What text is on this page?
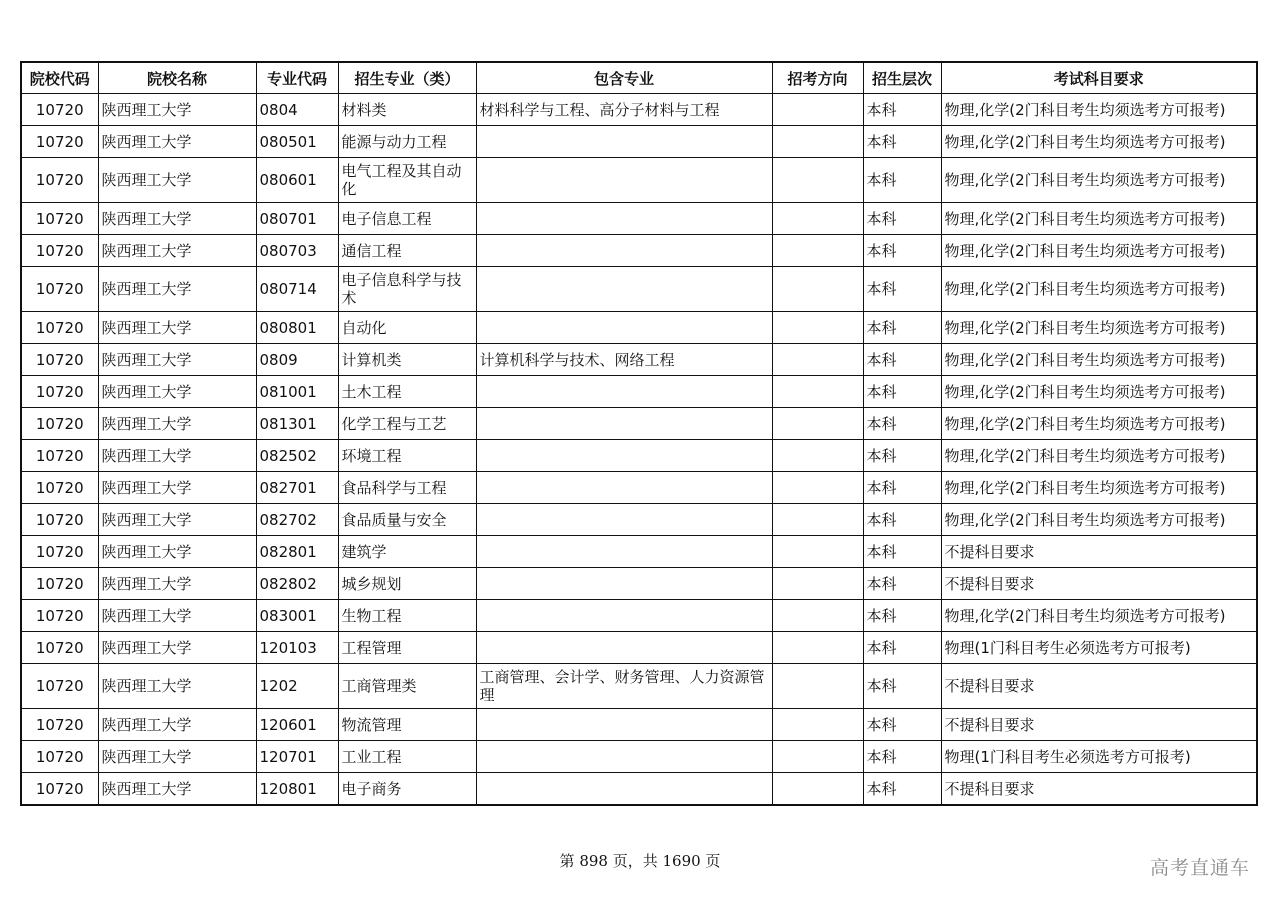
院校代码	院校名称	专业代码	招生专业（类）	包含专业	招考方向	招生层次	考试科目要求
10720	陕西理工大学	0804	材料类	材料科学与工程、高分子材料与工程		本科	物理,化学(2门科目考生均须选考方可报考)
10720	陕西理工大学	080501	能源与动力工程			本科	物理,化学(2门科目考生均须选考方可报考)
10720	陕西理工大学	080601	电气工程及其自动化			本科	物理,化学(2门科目考生均须选考方可报考)
10720	陕西理工大学	080701	电子信息工程			本科	物理,化学(2门科目考生均须选考方可报考)
10720	陕西理工大学	080703	通信工程			本科	物理,化学(2门科目考生均须选考方可报考)
10720	陕西理工大学	080714	电子信息科学与技术			本科	物理,化学(2门科目考生均须选考方可报考)
10720	陕西理工大学	080801	自动化			本科	物理,化学(2门科目考生均须选考方可报考)
10720	陕西理工大学	0809	计算机类	计算机科学与技术、网络工程		本科	物理,化学(2门科目考生均须选考方可报考)
10720	陕西理工大学	081001	土木工程			本科	物理,化学(2门科目考生均须选考方可报考)
10720	陕西理工大学	081301	化学工程与工艺			本科	物理,化学(2门科目考生均须选考方可报考)
10720	陕西理工大学	082502	环境工程			本科	物理,化学(2门科目考生均须选考方可报考)
10720	陕西理工大学	082701	食品科学与工程			本科	物理,化学(2门科目考生均须选考方可报考)
10720	陕西理工大学	082702	食品质量与安全			本科	物理,化学(2门科目考生均须选考方可报考)
10720	陕西理工大学	082801	建筑学			本科	不提科目要求
10720	陕西理工大学	082802	城乡规划			本科	不提科目要求
10720	陕西理工大学	083001	生物工程			本科	物理,化学(2门科目考生均须选考方可报考)
10720	陕西理工大学	120103	工程管理			本科	物理(1门科目考生必须选考方可报考)
10720	陕西理工大学	1202	工商管理类	工商管理、会计学、财务管理、人力资源管理		本科	不提科目要求
10720	陕西理工大学	120601	物流管理			本科	不提科目要求
10720	陕西理工大学	120701	工业工程			本科	物理(1门科目考生必须选考方可报考)
10720	陕西理工大学	120801	电子商务			本科	不提科目要求
第 898 页，共 1690 页	高考直通车
